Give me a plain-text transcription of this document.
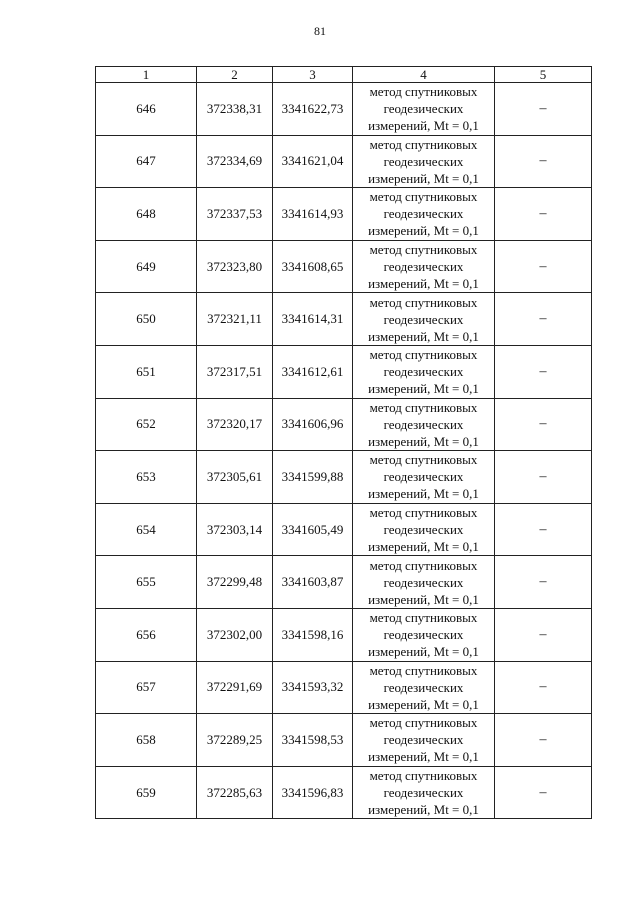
81
1	2	3	4	5
646	372338,31	3341622,73	метод спутниковых
геодезических
измерений, Mt = 0,1	–
647	372334,69	3341621,04	метод спутниковых
геодезических
измерений, Mt = 0,1	–
648	372337,53	3341614,93	метод спутниковых
геодезических
измерений, Mt = 0,1	–
649	372323,80	3341608,65	метод спутниковых
геодезических
измерений, Mt = 0,1	–
650	372321,11	3341614,31	метод спутниковых
геодезических
измерений, Mt = 0,1	–
651	372317,51	3341612,61	метод спутниковых
геодезических
измерений, Mt = 0,1	–
652	372320,17	3341606,96	метод спутниковых
геодезических
измерений, Mt = 0,1	–
653	372305,61	3341599,88	метод спутниковых
геодезических
измерений, Mt = 0,1	–
654	372303,14	3341605,49	метод спутниковых
геодезических
измерений, Mt = 0,1	–
655	372299,48	3341603,87	метод спутниковых
геодезических
измерений, Mt = 0,1	–
656	372302,00	3341598,16	метод спутниковых
геодезических
измерений, Mt = 0,1	–
657	372291,69	3341593,32	метод спутниковых
геодезических
измерений, Mt = 0,1	–
658	372289,25	3341598,53	метод спутниковых
геодезических
измерений, Mt = 0,1	–
659	372285,63	3341596,83	метод спутниковых
геодезических
измерений, Mt = 0,1	–
